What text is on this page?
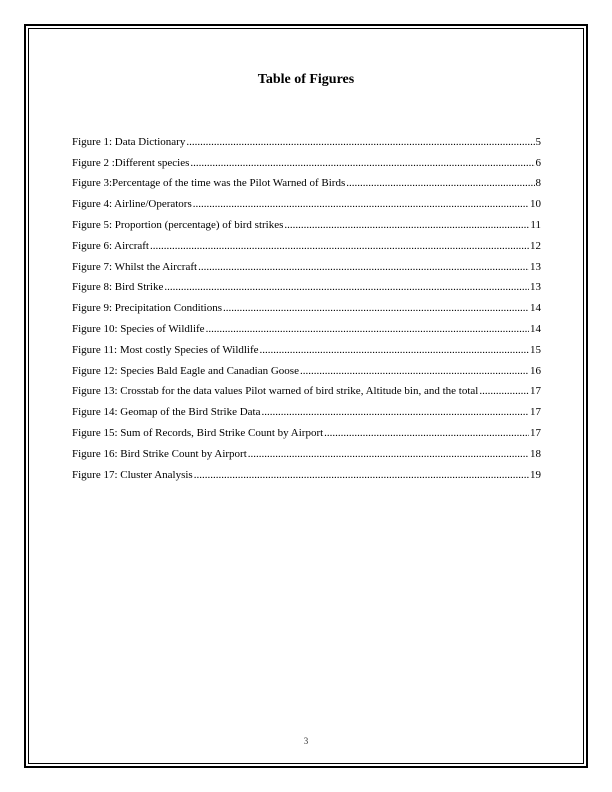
Table of Figures
Figure 1: Data Dictionary .....	5
Figure 2 :Different species .....	6
Figure 3:Percentage of the time was the Pilot Warned of Birds .....	8
Figure 4: Airline/Operators .....	10
Figure 5: Proportion (percentage) of bird strikes .....	11
Figure 6: Aircraft .....	12
Figure 7: Whilst the Aircraft .....	13
Figure 8: Bird Strike .....	13
Figure 9: Precipitation Conditions .....	14
Figure 10: Species of Wildlife .....	14
Figure 11: Most costly Species of Wildlife .....	15
Figure 12: Species Bald Eagle and Canadian Goose .....	16
Figure 13: Crosstab for the data values Pilot warned of bird strike, Altitude bin, and the total .....	17
Figure 14: Geomap of the Bird Strike Data .....	17
Figure 15: Sum of Records, Bird Strike Count by Airport .....	17
Figure 16: Bird Strike Count by Airport .....	18
Figure 17: Cluster Analysis .....	19
3
